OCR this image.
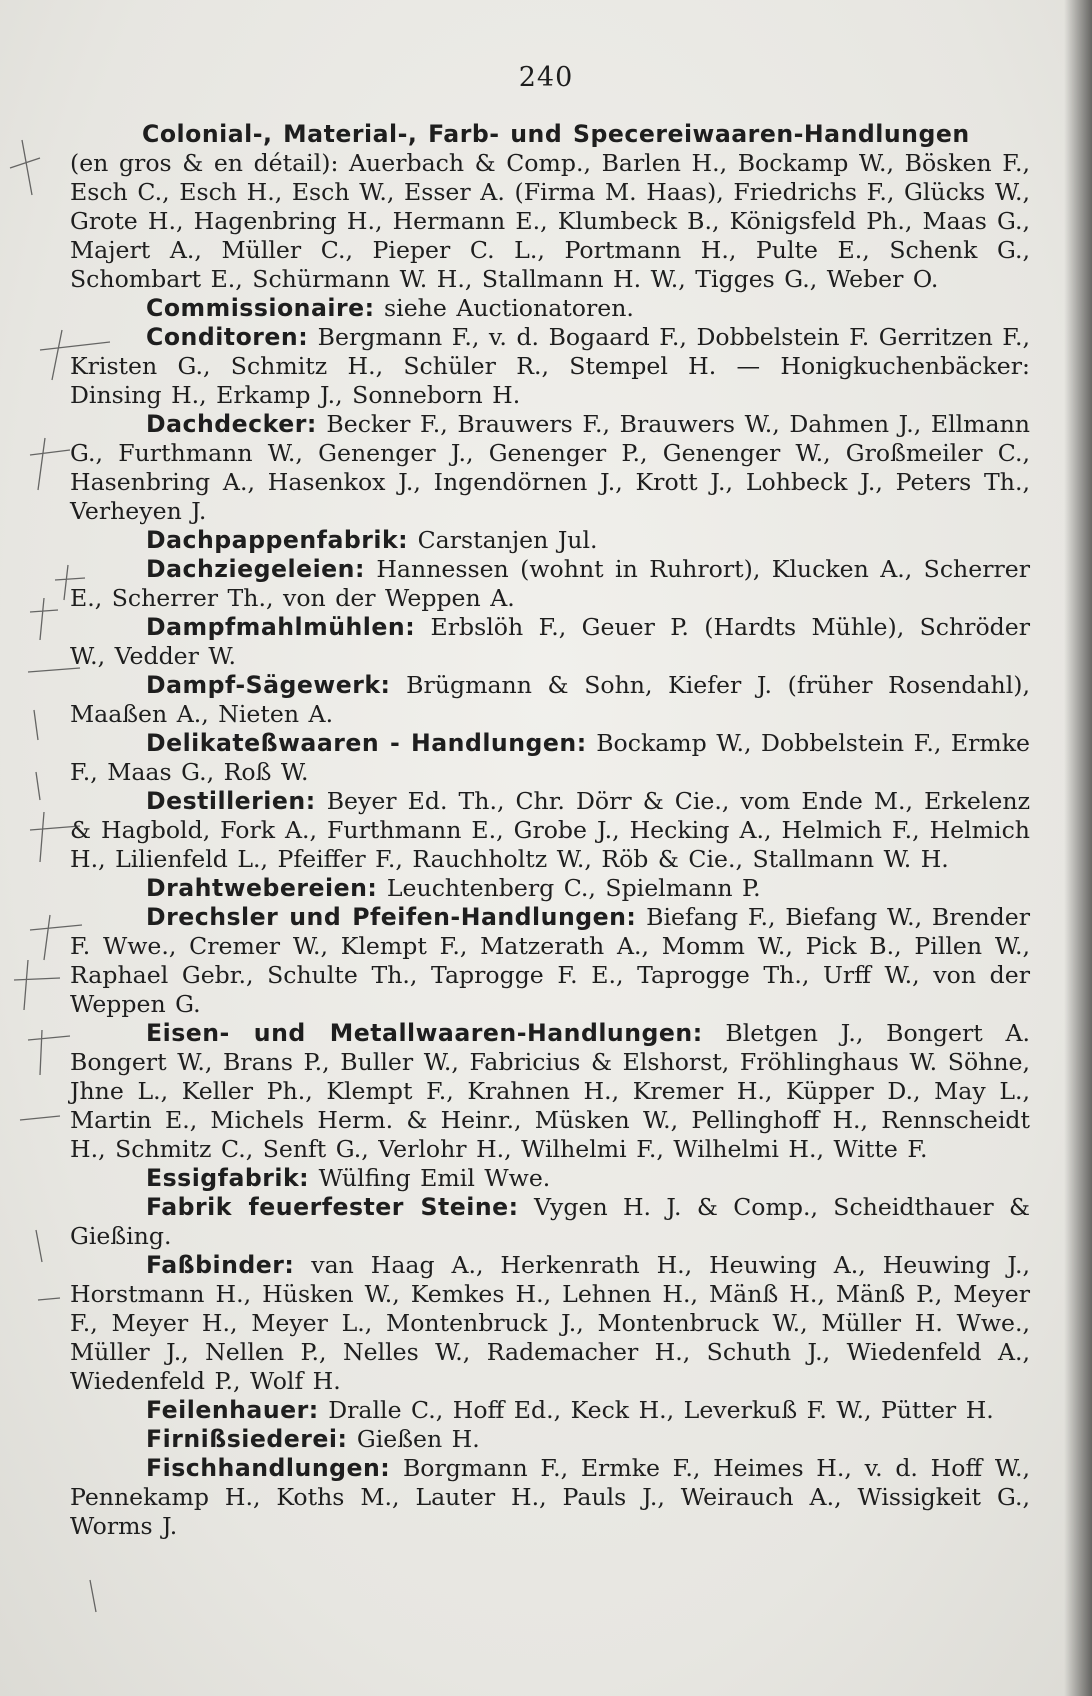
240

Colonial-, Material-, Farb- und Specereiwaaren-Handlungen
(en gros & en détail): Auerbach & Comp., Barlen H., Bockamp W., Bösken F., Esch C., Esch H., Esch W., Esser A. (Firma M. Haas), Friedrichs F., Glücks W., Grote H., Hagenbring H., Hermann E., Klumbeck B., Königsfeld Ph., Maas G., Majert A., Müller C., Pieper C. L., Portmann H., Pulte E., Schenk G., Schombart E., Schürmann W. H., Stallmann H. W., Tigges G., Weber O.

Commissionaire: siehe Auctionatoren.

Conditoren: Bergmann F., v. d. Bogaard F., Dobbelstein F. Gerritzen F., Kristen G., Schmitz H., Schüler R., Stempel H. — Honigkuchenbäcker: Dinsing H., Erkamp J., Sonneborn H.

Dachdecker: Becker F., Brauwers F., Brauwers W., Dahmen J., Ellmann G., Furthmann W., Genenger J., Genenger P., Genenger W., Großmeiler C., Hasenbring A., Hasenkox J., Ingendörnen J., Krott J., Lohbeck J., Peters Th., Verheyen J.

Dachpappenfabrik: Carstanjen Jul.

Dachziegeleien: Hannessen (wohnt in Ruhrort), Klucken A., Scherrer E., Scherrer Th., von der Weppen A.

Dampfmahlmühlen: Erbslöh F., Geuer P. (Hardts Mühle), Schröder W., Vedder W.

Dampf-Sägewerk: Brügmann & Sohn, Kiefer J. (früher Rosendahl), Maaßen A., Nieten A.

Delikateßwaaren - Handlungen: Bockamp W., Dobbelstein F., Ermke F., Maas G., Roß W.

Destillerien: Beyer Ed. Th., Chr. Dörr & Cie., vom Ende M., Erkelenz & Hagbold, Fork A., Furthmann E., Grobe J., Hecking A., Helmich F., Helmich H., Lilienfeld L., Pfeiffer F., Rauchholtz W., Röb & Cie., Stallmann W. H.

Drahtwebereien: Leuchtenberg C., Spielmann P.

Drechsler und Pfeifen-Handlungen: Biefang F., Biefang W., Brender F. Wwe., Cremer W., Klempt F., Matzerath A., Momm W., Pick B., Pillen W., Raphael Gebr., Schulte Th., Taprogge F. E., Taprogge Th., Urff W., von der Weppen G.

Eisen- und Metallwaaren-Handlungen: Bletgen J., Bongert A. Bongert W., Brans P., Buller W., Fabricius & Elshorst, Fröhlinghaus W. Söhne, Jhne L., Keller Ph., Klempt F., Krahnen H., Kremer H., Küpper D., May L., Martin E., Michels Herm. & Heinr., Müsken W., Pellinghoff H., Rennscheidt H., Schmitz C., Senft G., Verlohr H., Wilhelmi F., Wilhelmi H., Witte F.

Essigfabrik: Wülfing Emil Wwe.

Fabrik feuerfester Steine: Vygen H. J. & Comp., Scheidthauer & Gießing.

Faßbinder: van Haag A., Herkenrath H., Heuwing A., Heuwing J., Horstmann H., Hüsken W., Kemkes H., Lehnen H., Mänß H., Mänß P., Meyer F., Meyer H., Meyer L., Montenbruck J., Montenbruck W., Müller H. Wwe., Müller J., Nellen P., Nelles W., Rademacher H., Schuth J., Wiedenfeld A., Wiedenfeld P., Wolf H.

Feilenhauer: Dralle C., Hoff Ed., Keck H., Leverkuß F. W., Pütter H.

Firnißsiederei: Gießen H.

Fischhandlungen: Borgmann F., Ermke F., Heimes H., v. d. Hoff W., Pennekamp H., Koths M., Lauter H., Pauls J., Weirauch A., Wissigkeit G., Worms J.
